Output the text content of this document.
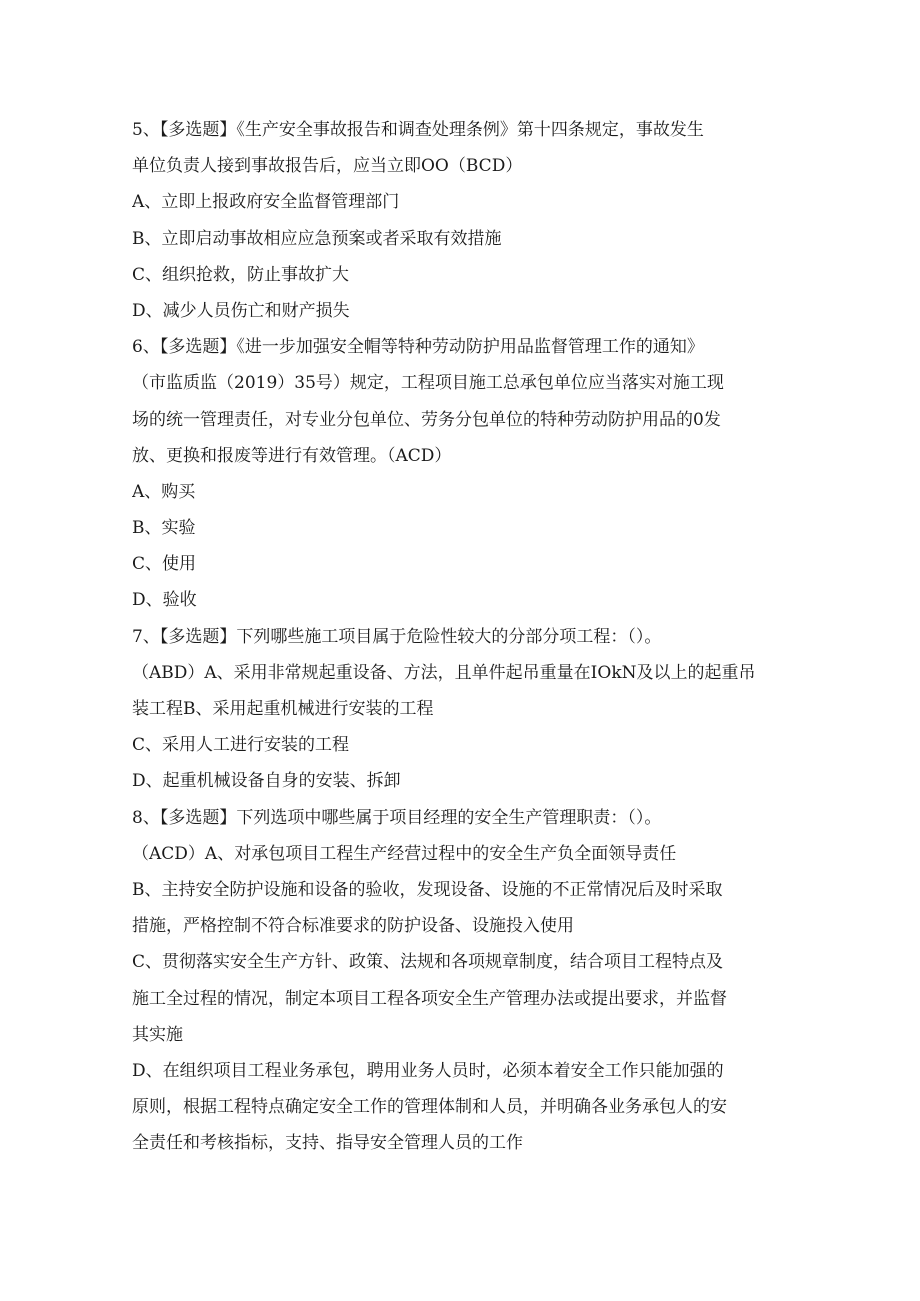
5、【多选题】《生产安全事故报告和调查处理条例》第十四条规定，事故发生
单位负责人接到事故报告后，应当立即OO（BCD）
A、立即上报政府安全监督管理部门
B、立即启动事故相应应急预案或者采取有效措施
C、组织抢救，防止事故扩大
D、减少人员伤亡和财产损失
6、【多选题】《进一步加强安全帽等特种劳动防护用品监督管理工作的通知》
（市监质监（2019）35号）规定，工程项目施工总承包单位应当落实对施工现
场的统一管理责任，对专业分包单位、劳务分包单位的特种劳动防护用品的0发
放、更换和报废等进行有效管理。（ACD）
A、购买
B、实验
C、使用
D、验收
7、【多选题】下列哪些施工项目属于危险性较大的分部分项工程：（）。
（ABD）A、采用非常规起重设备、方法，且单件起吊重量在IOkN及以上的起重吊
装工程B、采用起重机械进行安装的工程
C、采用人工进行安装的工程
D、起重机械设备自身的安装、拆卸
8、【多选题】下列选项中哪些属于项目经理的安全生产管理职责：（）。
（ACD）A、对承包项目工程生产经营过程中的安全生产负全面领导责任
B、主持安全防护设施和设备的验收，发现设备、设施的不正常情况后及时采取
措施，严格控制不符合标准要求的防护设备、设施投入使用
C、贯彻落实安全生产方针、政策、法规和各项规章制度，结合项目工程特点及
施工全过程的情况，制定本项目工程各项安全生产管理办法或提出要求，并监督
其实施
D、在组织项目工程业务承包，聘用业务人员时，必须本着安全工作只能加强的
原则，根据工程特点确定安全工作的管理体制和人员，并明确各业务承包人的安
全责任和考核指标，支持、指导安全管理人员的工作
